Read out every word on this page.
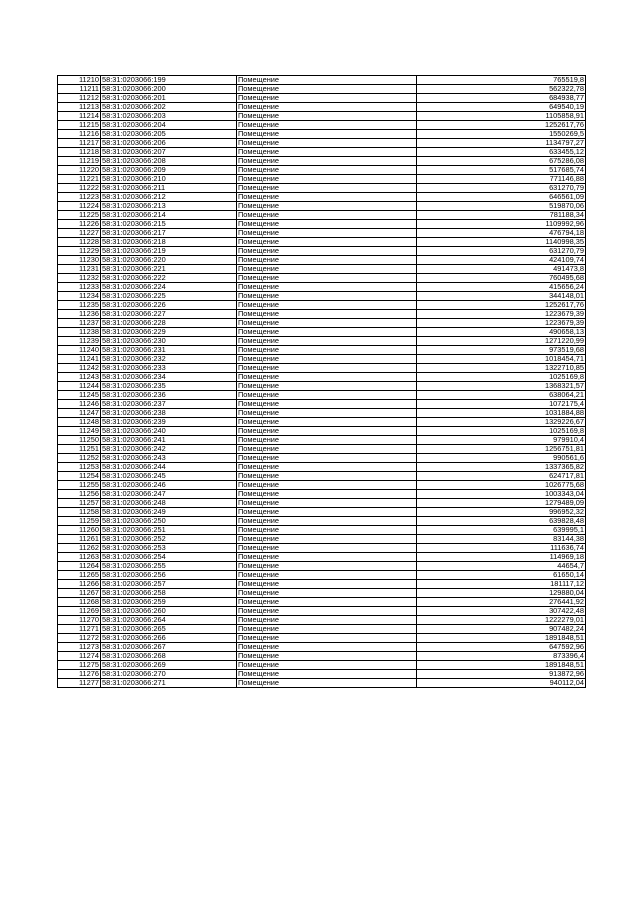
11210	58:31:0203066:199	Помещение	765519,8
11211	58:31:0203066:200	Помещение	562322,78
11212	58:31:0203066:201	Помещение	684938,77
11213	58:31:0203066:202	Помещение	649540,19
11214	58:31:0203066:203	Помещение	1105858,91
11215	58:31:0203066:204	Помещение	1252617,76
11216	58:31:0203066:205	Помещение	1550269,5
11217	58:31:0203066:206	Помещение	1134797,27
11218	58:31:0203066:207	Помещение	633455,12
11219	58:31:0203066:208	Помещение	675286,08
11220	58:31:0203066:209	Помещение	517685,74
11221	58:31:0203066:210	Помещение	771146,88
11222	58:31:0203066:211	Помещение	631270,79
11223	58:31:0203066:212	Помещение	646561,09
11224	58:31:0203066:213	Помещение	519870,06
11225	58:31:0203066:214	Помещение	781188,34
11226	58:31:0203066:215	Помещение	1109992,96
11227	58:31:0203066:217	Помещение	476794,18
11228	58:31:0203066:218	Помещение	1140998,35
11229	58:31:0203066:219	Помещение	631270,79
11230	58:31:0203066:220	Помещение	424109,74
11231	58:31:0203066:221	Помещение	491473,8
11232	58:31:0203066:222	Помещение	760495,68
11233	58:31:0203066:224	Помещение	415656,24
11234	58:31:0203066:225	Помещение	344148,01
11235	58:31:0203066:226	Помещение	1252617,76
11236	58:31:0203066:227	Помещение	1223679,39
11237	58:31:0203066:228	Помещение	1223679,39
11238	58:31:0203066:229	Помещение	490658,13
11239	58:31:0203066:230	Помещение	1271220,99
11240	58:31:0203066:231	Помещение	973519,68
11241	58:31:0203066:232	Помещение	1018454,71
11242	58:31:0203066:233	Помещение	1322710,85
11243	58:31:0203066:234	Помещение	1025169,8
11244	58:31:0203066:235	Помещение	1368321,57
11245	58:31:0203066:236	Помещение	638064,21
11246	58:31:0203066:237	Помещение	1072175,4
11247	58:31:0203066:238	Помещение	1031884,88
11248	58:31:0203066:239	Помещение	1329226,67
11249	58:31:0203066:240	Помещение	1025169,8
11250	58:31:0203066:241	Помещение	979910,4
11251	58:31:0203066:242	Помещение	1256751,81
11252	58:31:0203066:243	Помещение	990561,6
11253	58:31:0203066:244	Помещение	1337365,82
11254	58:31:0203066:245	Помещение	624717,81
11255	58:31:0203066:246	Помещение	1026775,68
11256	58:31:0203066:247	Помещение	1003343,04
11257	58:31:0203066:248	Помещение	1279489,09
11258	58:31:0203066:249	Помещение	996952,32
11259	58:31:0203066:250	Помещение	639828,48
11260	58:31:0203066:251	Помещение	639995,1
11261	58:31:0203066:252	Помещение	83144,38
11262	58:31:0203066:253	Помещение	111636,74
11263	58:31:0203066:254	Помещение	114969,18
11264	58:31:0203066:255	Помещение	44654,7
11265	58:31:0203066:256	Помещение	61650,14
11266	58:31:0203066:257	Помещение	181117,12
11267	58:31:0203066:258	Помещение	129880,04
11268	58:31:0203066:259	Помещение	276441,92
11269	58:31:0203066:260	Помещение	307422,48
11270	58:31:0203066:264	Помещение	1222279,01
11271	58:31:0203066:265	Помещение	907482,24
11272	58:31:0203066:266	Помещение	1891848,51
11273	58:31:0203066:267	Помещение	647592,96
11274	58:31:0203066:268	Помещение	873396,4
11275	58:31:0203066:269	Помещение	1891848,51
11276	58:31:0203066:270	Помещение	913872,96
11277	58:31:0203066:271	Помещение	940112,04
